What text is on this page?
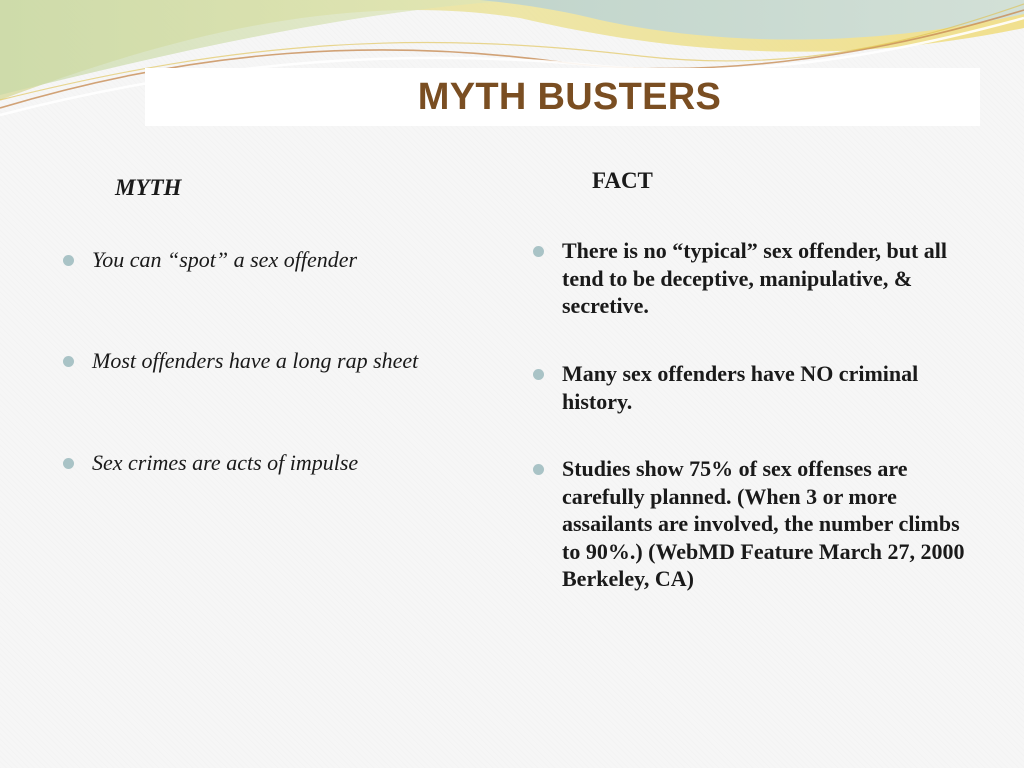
MYTH BUSTERS
MYTH	FACT
You can “spot” a sex offender
Most offenders have a long rap sheet
Sex crimes are acts of impulse
There is no “typical” sex offender, but all tend to be deceptive, manipulative, & secretive.
Many sex offenders have NO criminal history.
Studies show 75% of sex offenses are carefully planned. (When 3 or more assailants are involved, the number climbs to 90%.) (WebMD Feature March 27, 2000 Berkeley, CA)
